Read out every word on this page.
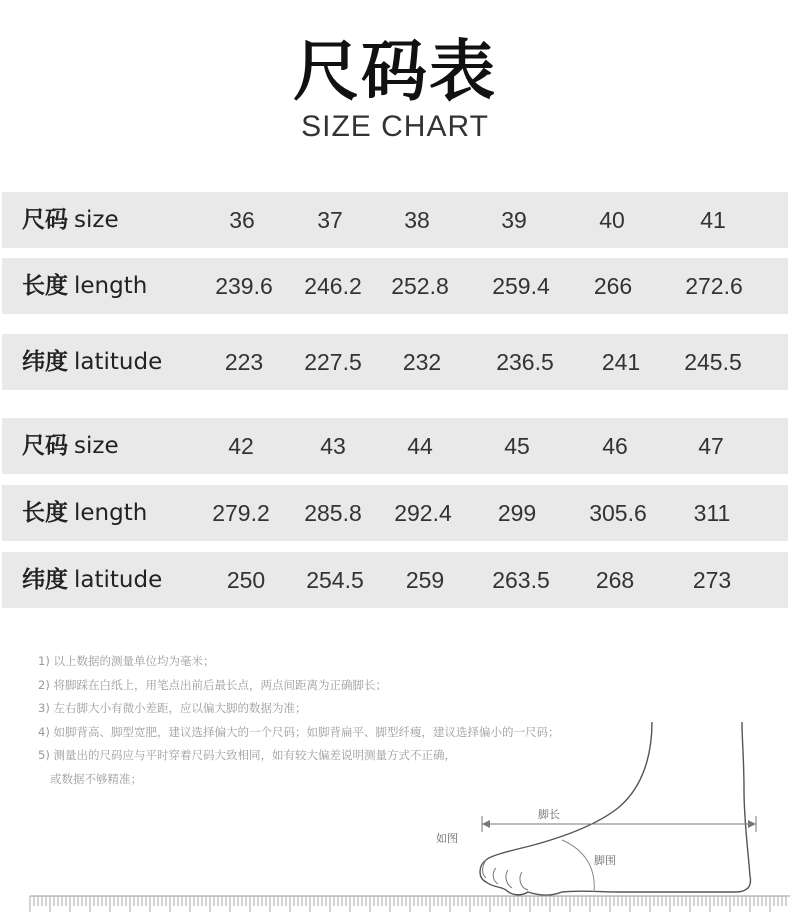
尺码表
SIZE CHART
尺码 size	36	37	38	39	40	41
长度 length	239.6	246.2	252.8	259.4	266	272.6
纬度 latitude	223	227.5	232	236.5	241	245.5
尺码 size	42	43	44	45	46	47
长度 length	279.2	285.8	292.4	299	305.6	311
纬度 latitude	250	254.5	259	263.5	268	273
1) 以上数据的测量单位均为毫米；
2) 将脚踩在白纸上，用笔点出前后最长点，两点间距离为正确脚长；
3) 左右脚大小有微小差距，应以偏大脚的数据为准；
4) 如脚背高、脚型宽肥，建议选择偏大的一个尺码；如脚背扁平、脚型纤瘦，建议选择偏小的一尺码；
5) 测量出的尺码应与平时穿着尺码大致相同，如有较大偏差说明测量方式不正确，
或数据不够精准；
如图
脚长
脚围
